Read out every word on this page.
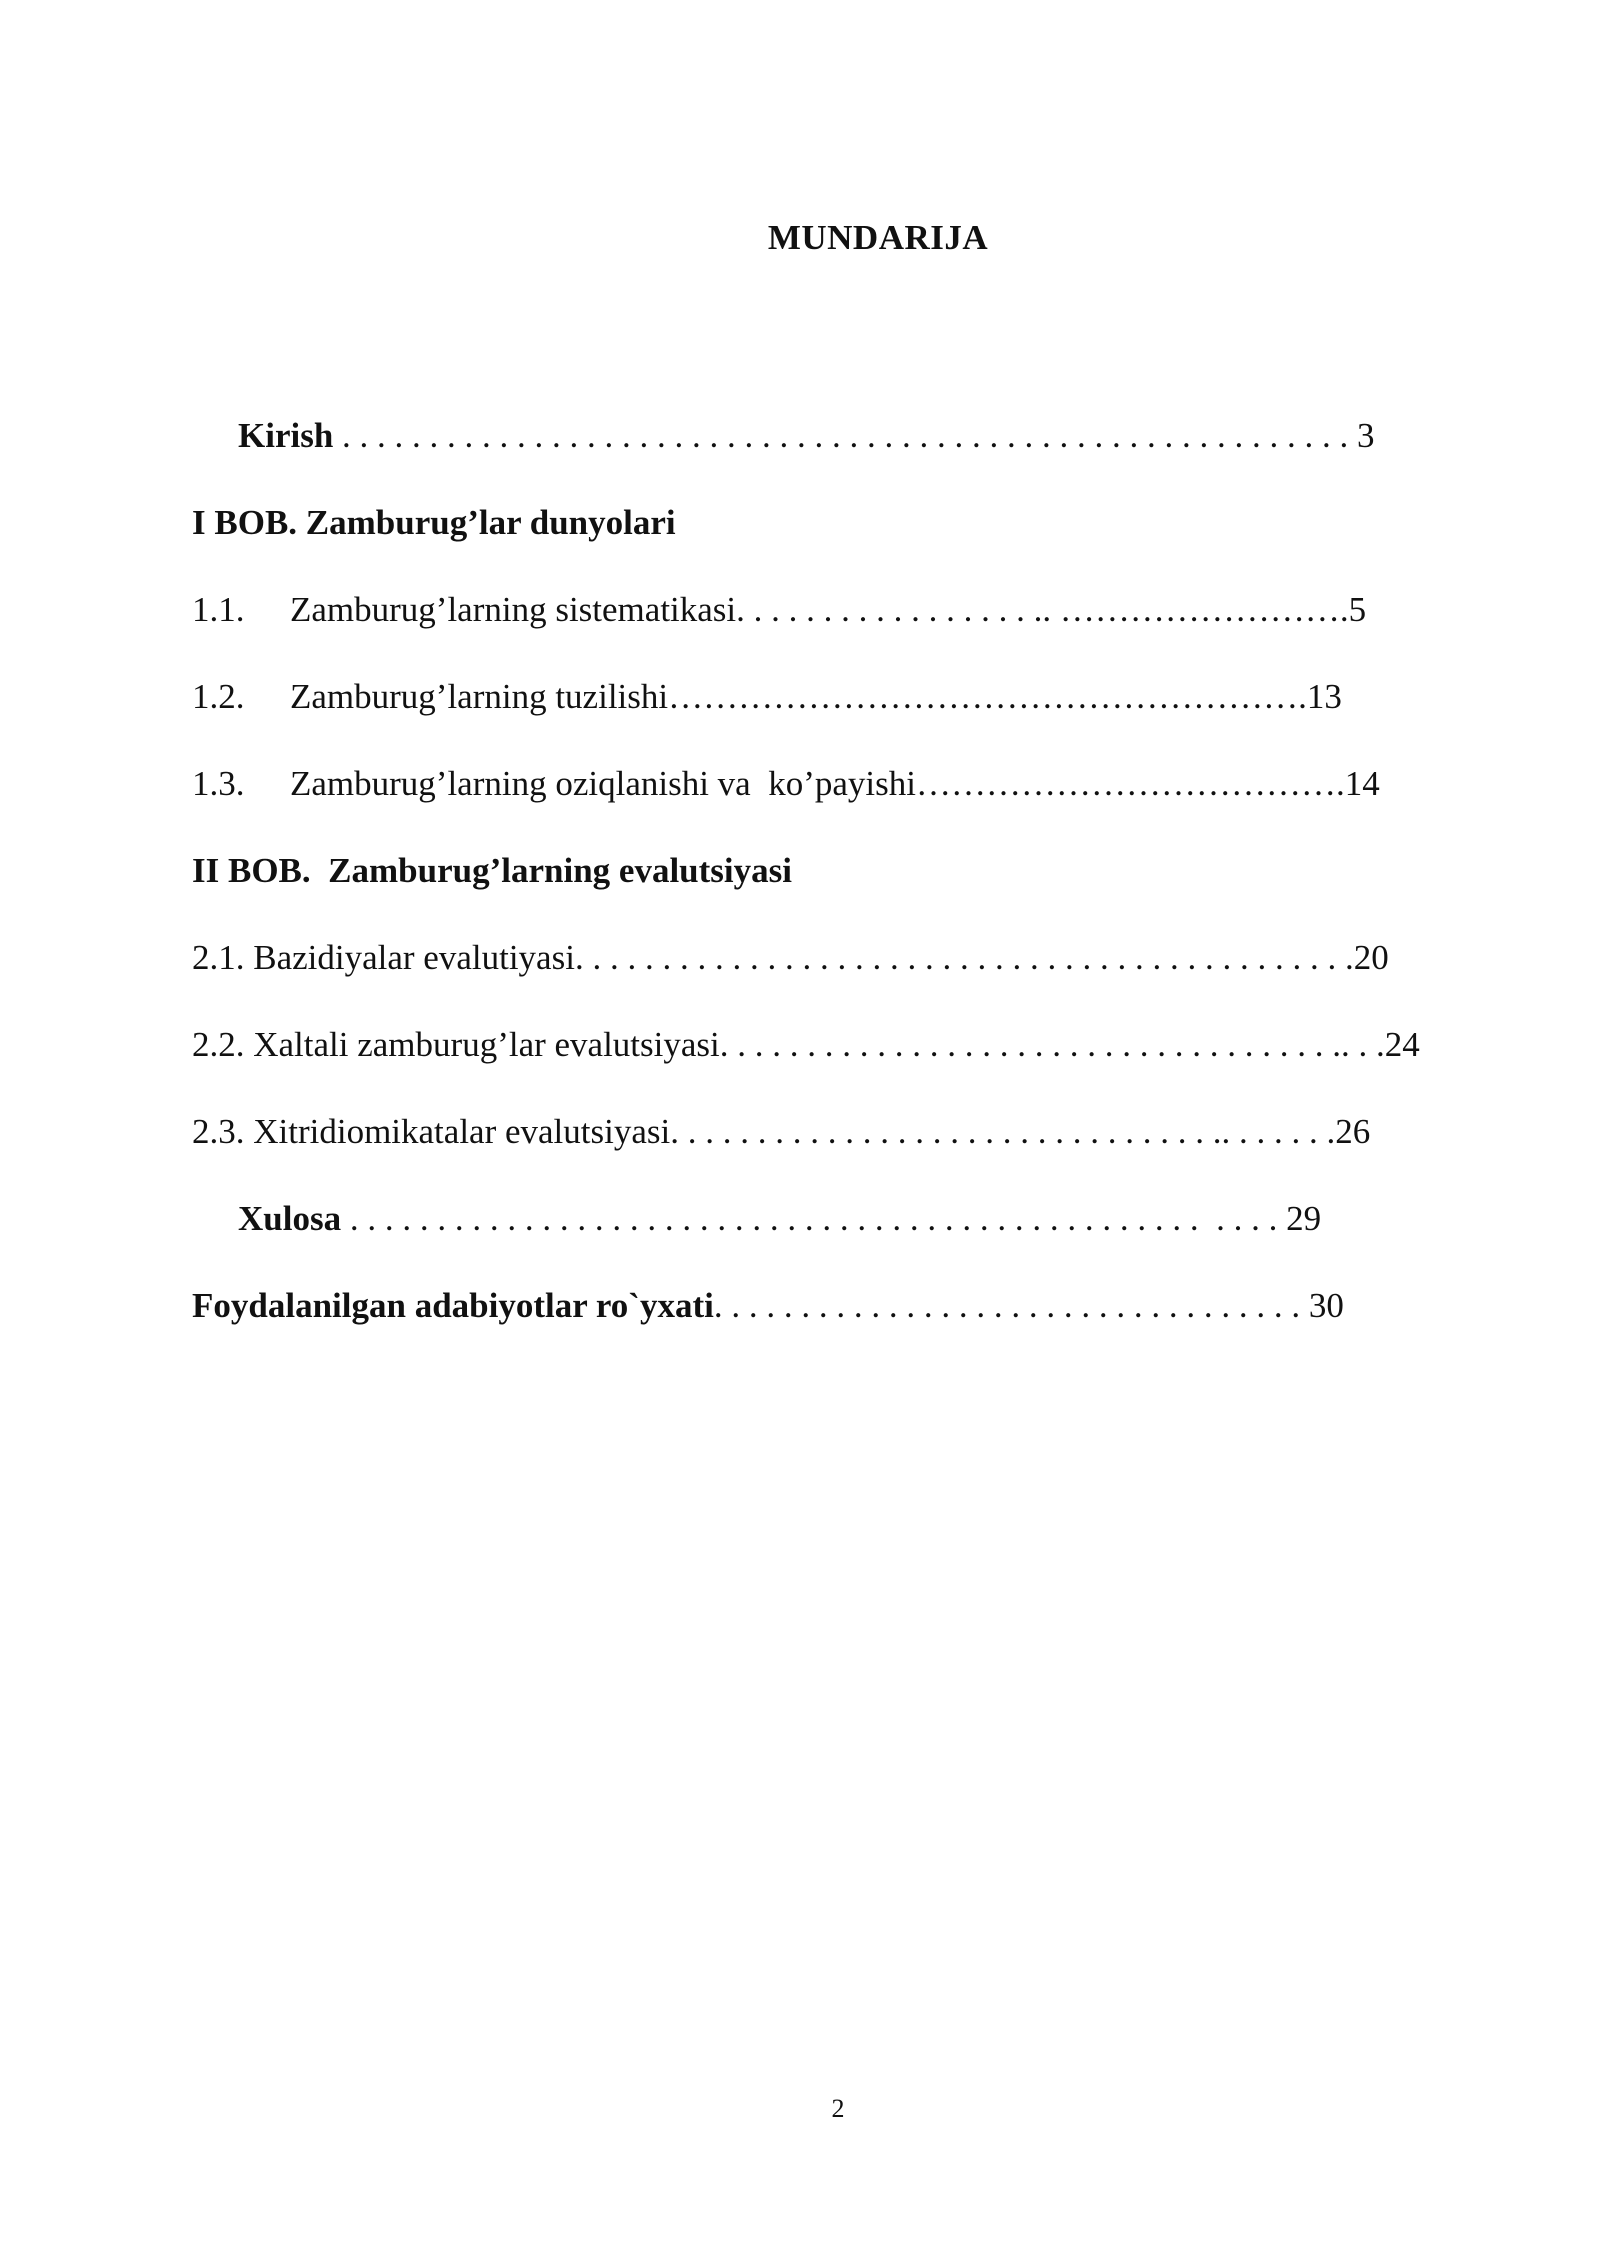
MUNDARIJA
Kirish . . . . . . . . . . . . . . . . . . . . . . . . . . . . . . . . . . . . . . . . . . . . . . . . . . . . . . . . . . 3
I BOB. Zamburug’lar dunyolari
1.1. Zamburug’larning sistematikasi. . . . . . . . . . . . . . . . . .. …………………….5
1.2. Zamburug’larning tuzilishi……………………………………………….13
1.3. Zamburug’larning oziqlanishi va  ko’payishi……………………………….14
II BOB.  Zamburug’larning evalutsiyasi
2.1. Bazidiyalar evalutiyasi. . . . . . . . . . . . . . . . . . . . . . . . . . . . . . . . . . . . . . . . . . . . .20
2.2. Xaltali zamburug’lar evalutsiyasi. . . . . . . . . . . . . . . . . . . . . . . . . . . . . . . . . . . .. . .24
2.3. Xitridiomikatalar evalutsiyasi. . . . . . . . . . . . . . . . . . . . . . . . . . . . . . . .. . . . . . .26
Xulosa . . . . . . . . . . . . . . . . . . . . . . . . . . . . . . . . . . . . . . . . . . . . . . . . .  . . . . 29
Foydalanilgan adabiyotlar ro`yxati. . . . . . . . . . . . . . . . . . . . . . . . . . . . . . . . . . 30
2
